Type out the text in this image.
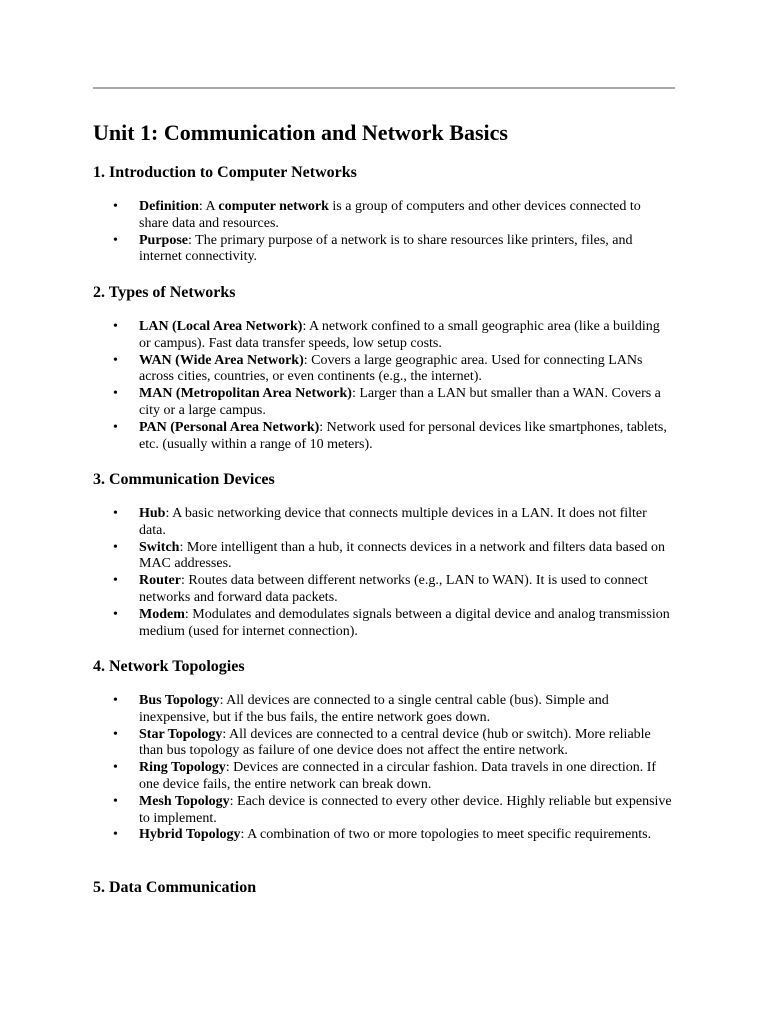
Unit 1: Communication and Network Basics
1. Introduction to Computer Networks
• Definition: A computer network is a group of computers and other devices connected to share data and resources.
• Purpose: The primary purpose of a network is to share resources like printers, files, and internet connectivity.
2. Types of Networks
• LAN (Local Area Network): A network confined to a small geographic area (like a building or campus). Fast data transfer speeds, low setup costs.
• WAN (Wide Area Network): Covers a large geographic area. Used for connecting LANs across cities, countries, or even continents (e.g., the internet).
• MAN (Metropolitan Area Network): Larger than a LAN but smaller than a WAN. Covers a city or a large campus.
• PAN (Personal Area Network): Network used for personal devices like smartphones, tablets, etc. (usually within a range of 10 meters).
3. Communication Devices
• Hub: A basic networking device that connects multiple devices in a LAN. It does not filter data.
• Switch: More intelligent than a hub, it connects devices in a network and filters data based on MAC addresses.
• Router: Routes data between different networks (e.g., LAN to WAN). It is used to connect networks and forward data packets.
• Modem: Modulates and demodulates signals between a digital device and analog transmission medium (used for internet connection).
4. Network Topologies
• Bus Topology: All devices are connected to a single central cable (bus). Simple and inexpensive, but if the bus fails, the entire network goes down.
• Star Topology: All devices are connected to a central device (hub or switch). More reliable than bus topology as failure of one device does not affect the entire network.
• Ring Topology: Devices are connected in a circular fashion. Data travels in one direction. If one device fails, the entire network can break down.
• Mesh Topology: Each device is connected to every other device. Highly reliable but expensive to implement.
• Hybrid Topology: A combination of two or more topologies to meet specific requirements.
5. Data Communication
